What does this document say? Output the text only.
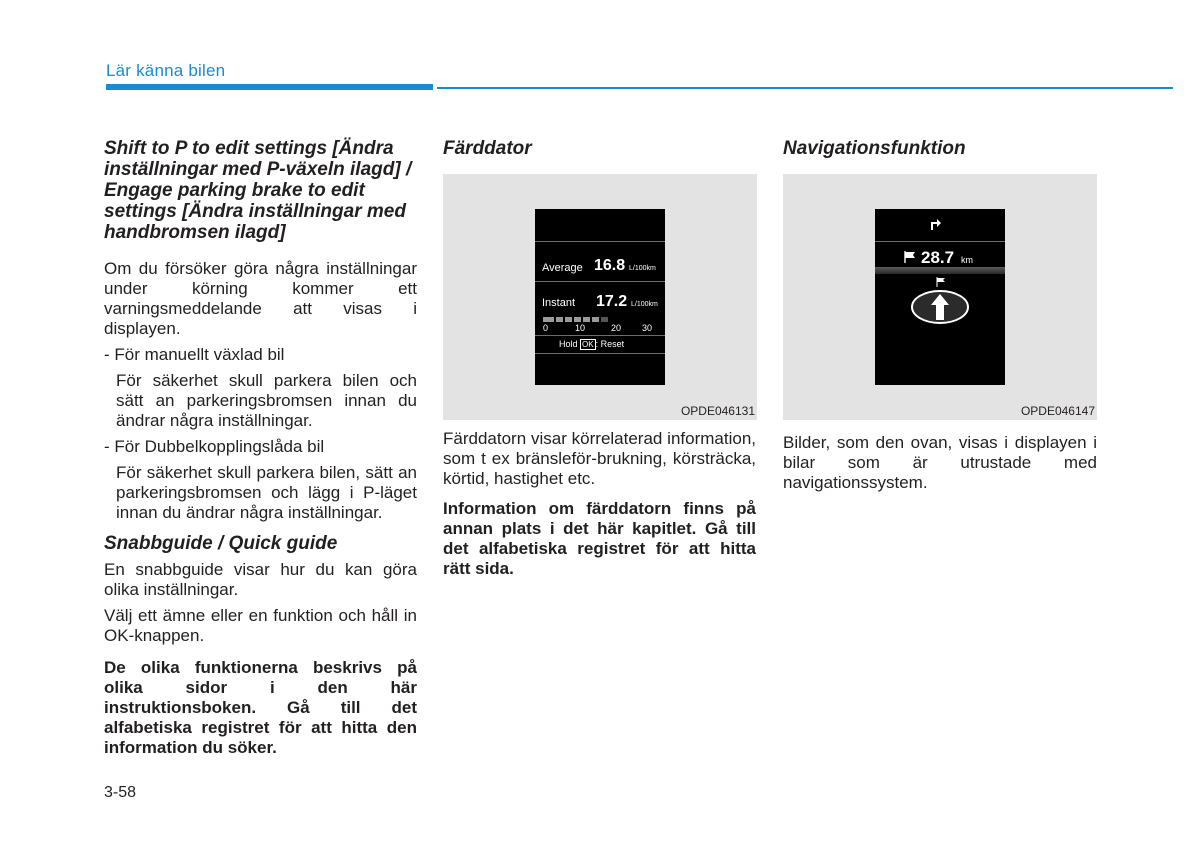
Lär känna bilen

Shift to P to edit settings [Ändra inställningar med P-växeln ilagd] / Engage parking brake to edit settings [Ändra inställningar med handbromsen ilagd]

Om du försöker göra några inställningar under körning kommer ett varningsmeddelande att visas i displayen.

- För manuellt växlad bil

För säkerhet skull parkera bilen och sätt an parkeringsbromsen innan du ändrar några inställningar.

- För Dubbelkopplingslåda bil

För säkerhet skull parkera bilen, sätt an parkeringsbromsen och lägg i P-läget innan du ändrar några inställningar.

Snabbguide / Quick guide

En snabbguide visar hur du kan göra olika inställningar.

Välj ett ämne eller en funktion och håll in OK-knappen.

De olika funktionerna beskrivs på olika sidor i den här instruktionsboken. Gå till det alfabetiska registret för att hitta den information du söker.

Färddator

Average 16.8 L/100km
Instant 17.2 L/100km
0	10	20 30
Hold OK : Reset
OPDE046131

Färddatorn visar körrelaterad information, som t ex bränsleför-brukning, körsträcka, körtid, hastighet etc.

Information om färddatorn finns på annan plats i det här kapitlet. Gå till det alfabetiska registret för att hitta rätt sida.

Navigationsfunktion

28.7 km
OPDE046147

Bilder, som den ovan, visas i displayen i bilar som är utrustade med navigationssystem.

3-58
